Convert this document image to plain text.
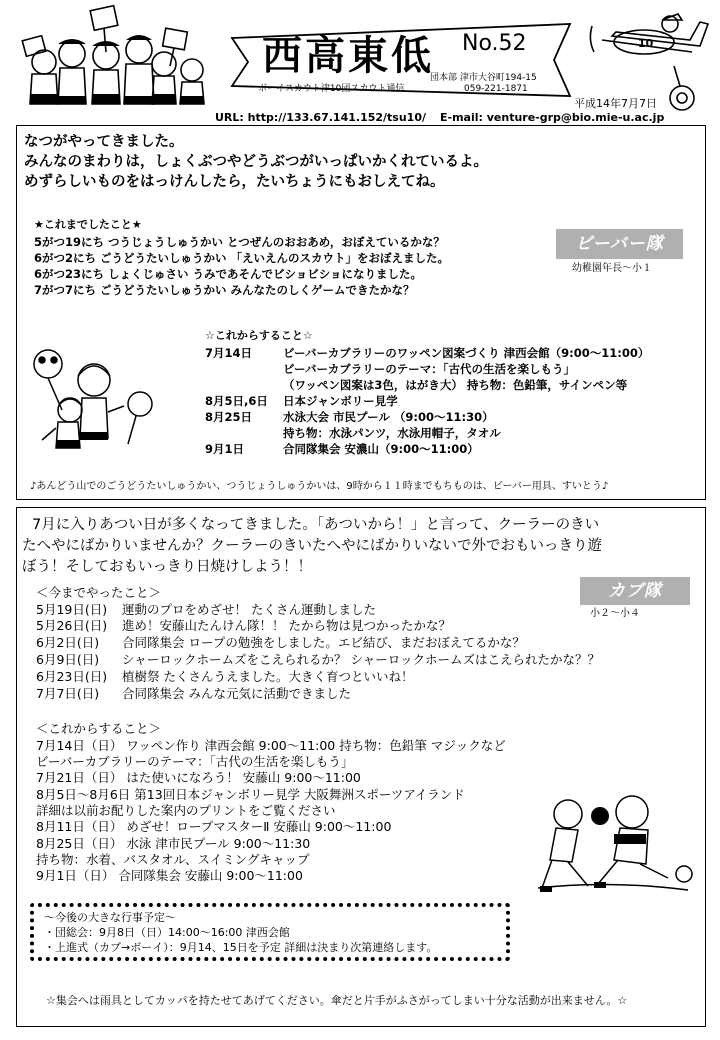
西高東低 No.52
ボーイスカウト津10団スカウト通信
団本部 津市大谷町194-15
059-221-1871
10
平成14年7月7日
URL: http://133.67.141.152/tsu10/ E-mail: venture-grp@bio.mie-u.ac.jp
なつがやってきました。
みんなのまわりは，しょくぶつやどうぶつがいっぱいかくれているよ。
めずらしいものをはっけんしたら，たいちょうにもおしえてね。
★これまでしたこと★
5がつ19にち つうじょうしゅうかい とつぜんのおおあめ，おぼえているかな？
6がつ2にち ごうどうたいしゅうかい 「えいえんのスカウト」をおぼえました。
6がつ23にち しょくじゅさい うみであそんでビショビショになりました。
7がつ7にち ごうどうたいしゅうかい みんなたのしくゲームできたかな？
☆これからすること☆
7月14日	ビーバーカブラリーのワッペン図案づくり 津西会館（9:00～11:00）
ビーバーカブラリーのテーマ：「古代の生活を楽しもう」
（ワッペン図案は3色，はがき大） 持ち物：色鉛筆，サインペン等
8月5日,6日 日本ジャンボリー見学
8月25日	水泳大会 市民プール （9:00～11:30）
持ち物：水泳パンツ，水泳用帽子，タオル
9月1日	合同隊集会 安濃山（9:00～11:00）
ビーバー隊
幼稚園年長～小１
♪あんどう山でのごうどうたいしゅうかい、つうじょうしゅうかいは、9時から１１時までもちものは、ビーバー用具、すいとう♪
7月に入りあつい日が多くなってきました。「あついから！」と言って、クーラーのきい
たへやにばかりいませんか？クーラーのきいたへやにばかりいないで外でおもいっきり遊
ぼう！そしておもいっきり日焼けしよう！！
カブ隊
小２～小４
＜今までやったこと＞
5月19日(日) 運動のプロをめざせ！ たくさん運動しました
5月26日(日) 進め！安藤山たんけん隊！！ たから物は見つかったかな？
6月2日(日) 合同隊集会 ロープの勉強をしました。エビ結び、まだおぼえてるかな？
6月9日(日) シャーロックホームズをこえられるか？ シャーロックホームズはこえられたかな？？
6月23日(日) 植樹祭 たくさんうえました。大きく育つといいね！
7月7日(日) 合同隊集会 みんな元気に活動できました
＜これからすること＞
7月14日（日） ワッペン作り 津西会館 9:00～11:00 持ち物：色鉛筆 マジックなど
ビーバーカブラリーのテーマ：「古代の生活を楽しもう」
7月21日（日） はた使いになろう！ 安藤山 9:00～11:00
8月5日～8月6日 第13回日本ジャンボリー見学 大阪舞洲スポーツアイランド
詳細は以前お配りした案内のプリントをご覧ください
8月11日（日） めざせ！ロープマスターⅡ 安藤山 9:00～11:00
8月25日（日） 水泳 津市民プール 9:00～11:30
持ち物：水着、バスタオル、スイミングキャップ
9月1日（日） 合同隊集会 安藤山 9:00～11:00
～今後の大きな行事予定～
・団総会：9月8日（日）14:00～16:00 津西会館
・上進式（カブ→ボーイ）：9月14、15日を予定 詳細は決まり次第連絡します。
☆集会へは雨具としてカッパを持たせてあげてください。傘だと片手がふさがってしまい十分な活動が出来ません。☆
